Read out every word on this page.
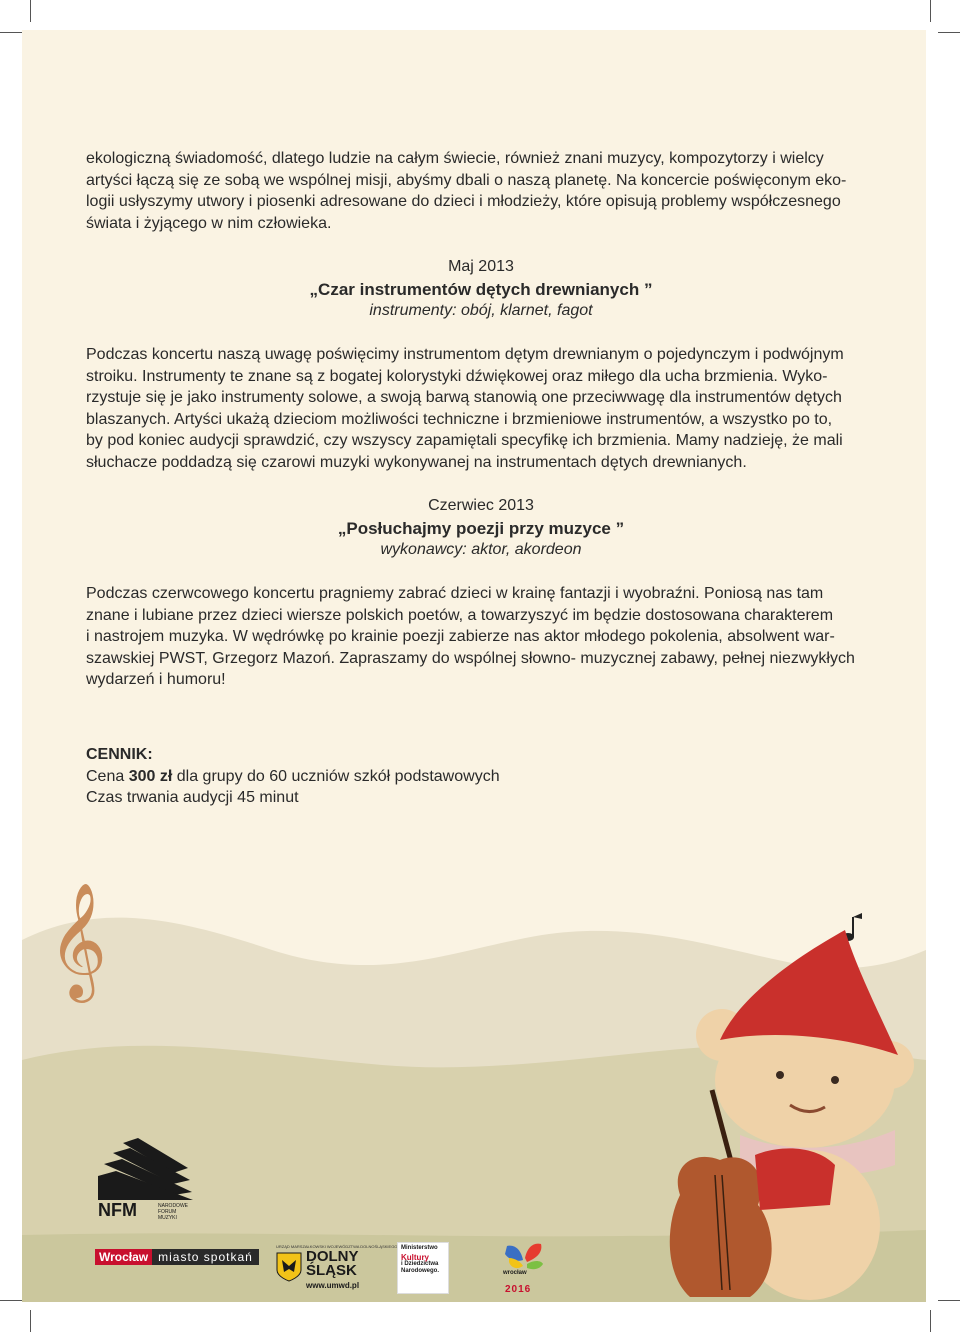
𝄞
ekologiczną świadomość, dlatego ludzie na całym świecie, również znani muzycy, kompozytorzy i wielcy
artyści łączą się ze sobą we wspólnej misji, abyśmy dbali o naszą planetę. Na koncercie poświęconym eko-
logii usłyszymy utwory i piosenki adresowane do dzieci i młodzieży, które opisują problemy współczesnego
świata i żyjącego w nim człowieka.
Maj 2013
„Czar instrumentów dętych drewnianych ”
instrumenty: obój, klarnet, fagot
Podczas koncertu naszą uwagę poświęcimy instrumentom dętym drewnianym o pojedynczym i podwójnym
stroiku. Instrumenty te znane są z bogatej kolorystyki dźwiękowej oraz miłego dla ucha brzmienia. Wyko-
rzystuje się je jako instrumenty solowe, a swoją barwą stanowią one przeciwwagę dla instrumentów dętych
blaszanych. Artyści ukażą dzieciom możliwości techniczne i brzmieniowe instrumentów, a wszystko po to,
by pod koniec audycji sprawdzić, czy wszyscy zapamiętali specyfikę ich brzmienia. Mamy nadzieję, że mali
słuchacze poddadzą się czarowi muzyki wykonywanej na instrumentach dętych drewnianych.
Czerwiec 2013
„Posłuchajmy poezji przy muzyce ”
wykonawcy: aktor, akordeon
Podczas czerwcowego koncertu pragniemy zabrać dzieci w krainę fantazji i wyobraźni. Poniosą nas tam
znane i lubiane przez dzieci wiersze polskich poetów, a towarzyszyć im będzie dostosowana charakterem
i nastrojem muzyka. W wędrówkę po krainie poezji zabierze nas aktor młodego pokolenia, absolwent war-
szawskiej PWST, Grzegorz Mazoń. Zapraszamy do wspólnej słowno- muzycznej zabawy, pełnej niezwykłych
wydarzeń i humoru!
CENNIK:
Cena 300 zł dla grupy do 60 uczniów szkół podstawowych
Czas trwania audycji 45 minut
NFM	NARODOWE
FORUM
MUZYKI
Wrocław miasto spotkań
URZĄD MARSZAŁKOWSKI WOJEWÓDZTWA DOLNOŚLĄSKIEGO
DOLNY
ŚLĄSK
www.umwd.pl
Ministerstwo
Kultury
i Dziedzictwa
Narodowego.	wrocław
2016
